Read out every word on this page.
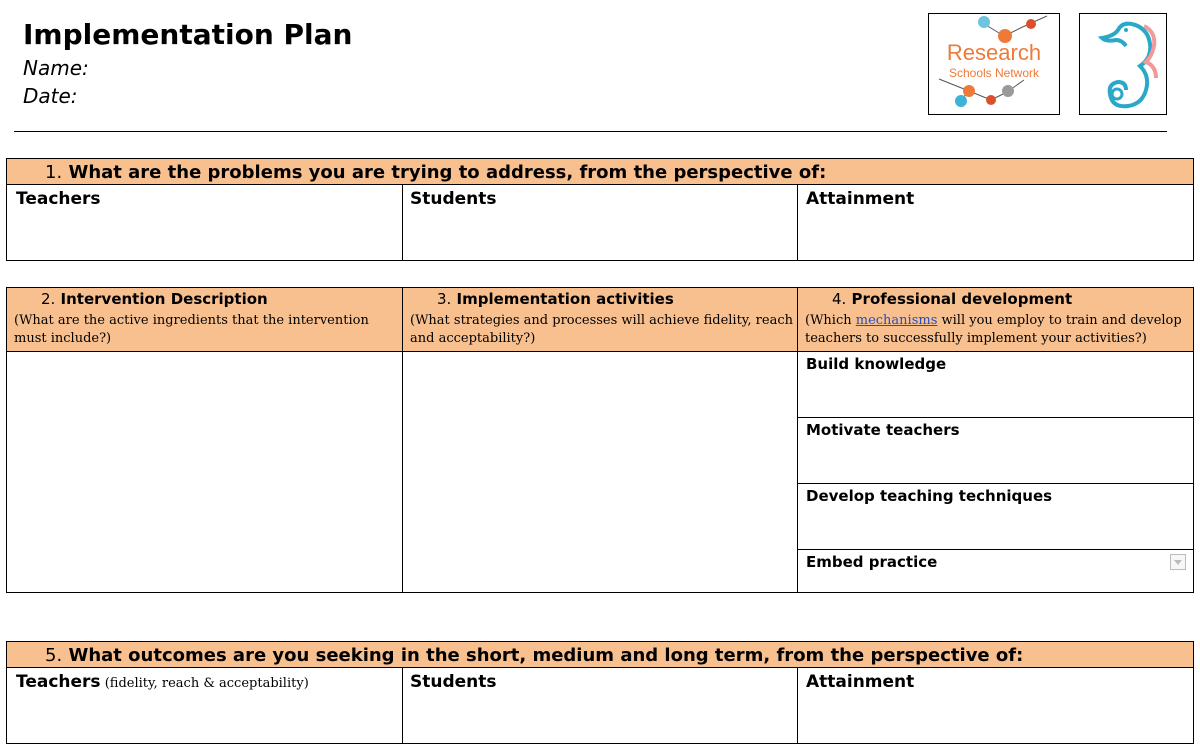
Implementation Plan
Name:
Date:
Research
Schools Network
1. What are the problems you are trying to address, from the perspective of:
Teachers	Students	Attainment
2. Intervention Description
(What are the active ingredients that the intervention must include?)
3. Implementation activities
(What strategies and processes will achieve fidelity, reach and acceptability?)
4. Professional development
(Which mechanisms will you employ to train and develop teachers to successfully implement your activities?)
Build knowledge
Motivate teachers
Develop teaching techniques
Embed practice
5. What outcomes are you seeking in the short, medium and long term, from the perspective of:
Teachers (fidelity, reach & acceptability)	Students	Attainment
